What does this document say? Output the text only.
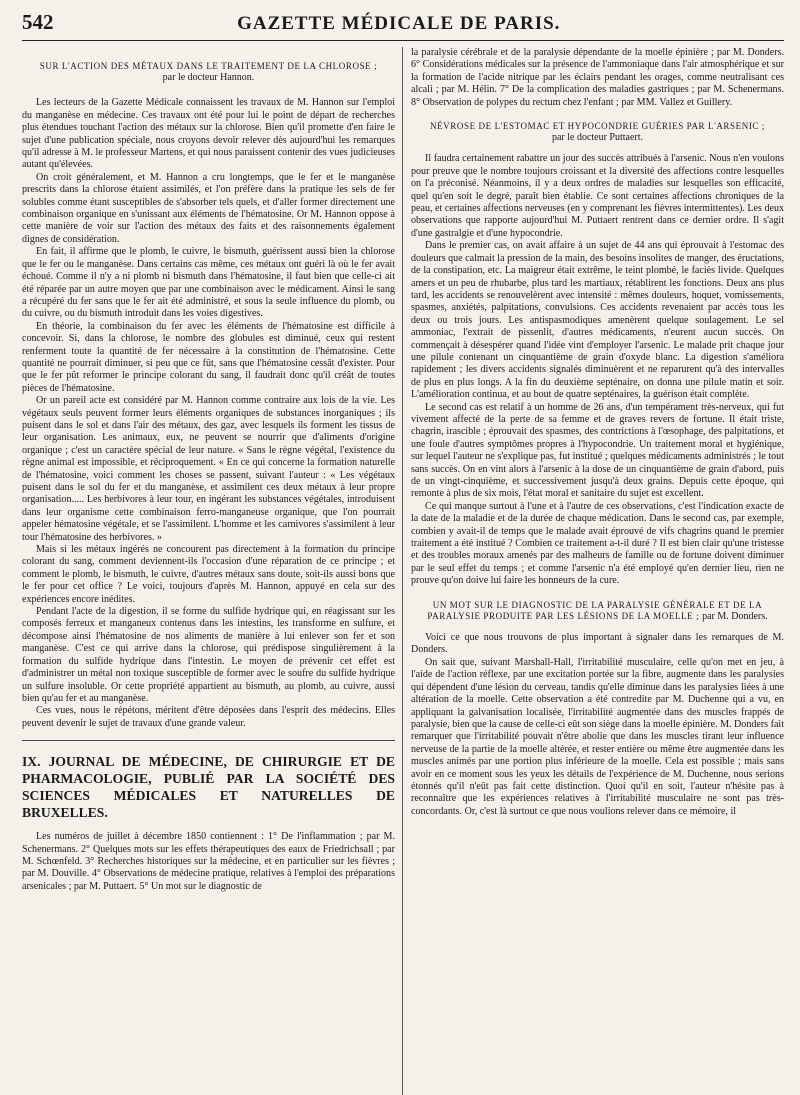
542	GAZETTE MÉDICALE DE PARIS.
SUR L'ACTION DES MÉTAUX DANS LE TRAITEMENT DE LA CHLOROSE ;
par le docteur Hannon.

Les lecteurs de la Gazette Médicale connaissent les travaux de M. Hannon sur l'emploi du manganèse en médecine. Ces travaux ont été pour lui le point de départ de recherches plus étendues touchant l'action des métaux sur la chlorose. Bien qu'il promette d'en faire le sujet d'une publication spéciale, nous croyons devoir relever dès aujourd'hui les remarques qu'il adresse à M. le professeur Martens, et qui nous paraissent contenir des vues judicieuses autant qu'élevées.

On croit généralement, et M. Hannon a cru longtemps, que le fer et le manganèse prescrits dans la chlorose étaient assimilés, et l'on préfère dans la pratique les sels de fer solubles comme étant susceptibles de s'absorber tels quels, et d'aller former directement une combinaison organique en s'unissant aux éléments de l'hématosine. Or M. Hannon oppose à cette manière de voir sur l'action des métaux des faits et des raisonnements également dignes de considération.

En fait, il affirme que le plomb, le cuivre, le bismuth, guérissent aussi bien la chlorose que le fer ou le manganèse. Dans certains cas même, ces métaux ont guéri là où le fer avait échoué. Comme il n'y a ni plomb ni bismuth dans l'hématosine, il faut bien que celle-ci ait été réparée par un autre moyen que par une combinaison avec le médicament. Ainsi le sang a récupéré du fer sans que le fer ait été administré, et sous la seule influence du plomb, ou du cuivre, ou du bismuth introduit dans les voies digestives.

En théorie, la combinaison du fer avec les éléments de l'hématosine est difficile à concevoir. Si, dans la chlorose, le nombre des globules est diminué, ceux qui restent renferment toute la quantité de fer nécessaire à la constitution de l'hématosine. Cette quantité ne pourrait diminuer, si peu que ce fût, sans que l'hématosine cessât d'exister. Pour que le fer pût reformer le principe colorant du sang, il faudrait donc qu'il créât de toutes pièces de l'hématosine.

Or un pareil acte est considéré par M. Hannon comme contraire aux lois de la vie. Les végétaux seuls peuvent former leurs éléments organiques de substances inorganiques ; ils puisent dans le sol et dans l'air des métaux, des gaz, avec lesquels ils forment les tissus de leur organisation. Les animaux, eux, ne peuvent se nourrir que d'aliments d'origine organique ; c'est un caractère spécial de leur nature. « Sans le règne végétal, l'existence du règne animal est impossible, et réciproquement. « En ce qui concerne la formation naturelle de l'hématosine, voici comment les choses se passent, suivant l'auteur : « Les végétaux puisent dans le sol du fer et du manganèse, et assimilent ces deux métaux à leur propre organisation..... Les herbivores à leur tour, en ingérant les substances végétales, introduisent dans leur organisme cette combinaison ferro-manganeuse organique, que l'on pourrait appeler hématosine végétale, et se l'assimilent. L'homme et les carnivores s'assimilent à leur tour l'hématosine des herbivores. »

Mais si les métaux ingérés ne concourent pas directement à la formation du principe colorant du sang, comment deviennent-ils l'occasion d'une réparation de ce principe ; et comment le plomb, le bismuth, le cuivre, d'autres métaux sans doute, soit-ils aussi bons que le fer pour cet office ? Le voici, toujours d'après M. Hannon, appuyé en cela sur des expériences encore inédites.

Pendant l'acte de la digestion, il se forme du sulfide hydrique qui, en réagissant sur les composés ferreux et manganeux contenus dans les intestins, les transforme en sulfure, et décompose ainsi l'hématosine de nos aliments de manière à lui enlever son fer et son manganèse. C'est ce qui arrive dans la chlorose, qui prédispose singulièrement à la formation du sulfide hydrique dans l'intestin. Le moyen de prévenir cet effet est d'administrer un métal non toxique susceptible de former avec le soufre du sulfide hydrique un sulfure insoluble. Or cette propriété appartient au bismuth, au plomb, au cuivre, aussi bien qu'au fer et au manganèse.

Ces vues, nous le répétons, méritent d'être déposées dans l'esprit des médecins. Elles peuvent devenir le sujet de travaux d'une grande valeur.

IX. JOURNAL DE MÉDECINE, DE CHIRURGIE ET DE PHARMACOLOGIE, PUBLIÉ PAR LA SOCIÉTÉ DES SCIENCES MÉDICALES ET NATURELLES DE BRUXELLES.

Les numéros de juillet à décembre 1850 contiennent : 1° De l'inflammation ; par M. Schenermans. 2° Quelques mots sur les effets thérapeutiques des eaux de Friedrichsall ; par M. Schœnfeld. 3° Recherches historiques sur la médecine, et en particulier sur les fièvres ; par M. Douville. 4° Observations de médecine pratique, relatives à l'emploi des préparations arsenicales ; par M. Puttaert. 5° Un mot sur le diagnostic de

la paralysie cérébrale et de la paralysie dépendante de la moelle épinière ; par M. Donders. 6° Considérations médicales sur la présence de l'ammoniaque dans l'air atmosphérique et sur la formation de l'acide nitrique par les éclairs pendant les orages, comme neutralisant ces alcali ; par M. Hélin. 7° De la complication des maladies gastriques ; par M. Schenermans. 8° Observation de polypes du rectum chez l'enfant ; par MM. Vallez et Guillery.

NÉVROSE DE L'ESTOMAC ET HYPOCONDRIE GUÉRIES PAR L'ARSENIC ;
par le docteur Puttaert.

Il faudra certainement rabattre un jour des succès attribués à l'arsenic. Nous n'en voulons pour preuve que le nombre toujours croissant et la diversité des affections contre lesquelles on l'a préconisé. Néanmoins, il y a deux ordres de maladies sur lesquelles son efficacité, quel qu'en soit le degré, paraît bien établie. Ce sont certaines affections chroniques de la peau, et certaines affections nerveuses (en y comprenant les fièvres intermittentes). Les deux observations que rapporte aujourd'hui M. Puttaert rentrent dans ce dernier ordre. Il s'agit d'une gastralgie et d'une hypocondrie.

Dans le premier cas, on avait affaire à un sujet de 44 ans qui éprouvait à l'estomac des douleurs que calmait la pression de la main, des besoins insolites de manger, des éructations, de la constipation, etc. La maigreur était extrême, le teint plombé, le faciès livide. Quelques amers et un peu de rhubarbe, plus tard les martiaux, rétablirent les fonctions. Deux ans plus tard, les accidents se renouvelèrent avec intensité : mêmes douleurs, hoquet, vomissements, spasmes, anxiétés, palpitations, convulsions. Ces accidents revenaient par accès tous les deux ou trois jours. Les antispasmodiques amenèrent quelque soulagement. Le sel ammoniac, l'extrait de pissenlit, d'autres médicaments, n'eurent aucun succès. On commençait à désespérer quand l'idée vint d'employer l'arsenic. Le malade prit chaque jour une pilule contenant un cinquantième de grain d'oxyde blanc. La digestion s'améliora rapidement ; les divers accidents signalés diminuèrent et ne reparurent qu'à des intervalles de plus en plus longs. A la fin du deuxième septénaire, on donna une pilule matin et soir. L'amélioration continua, et au bout de quatre septénaires, la guérison était complète.

Le second cas est relatif à un homme de 26 ans, d'un tempérament très-nerveux, qui fut vivement affecté de la perte de sa femme et de graves revers de fortune. Il était triste, chagrin, irascible ; éprouvait des spasmes, des contrictions à l'œsophage, des palpitations, et une foule d'autres symptômes propres à l'hypocondrie. Un traitement moral et hygiénique, sur lequel l'auteur ne s'explique pas, fut institué ; quelques médicaments administrés ; le tout sans succès. On en vint alors à l'arsenic à la dose de un cinquantième de grain d'abord, puis de un vingt-cinquième, et successivement jusqu'à deux grains. Depuis cette époque, qui remonte à plus de six mois, l'état moral et sanitaire du sujet est excellent.

Ce qui manque surtout à l'une et à l'autre de ces observations, c'est l'indication exacte de la date de la maladie et de la durée de chaque médication. Dans le second cas, par exemple, combien y avait-il de temps que le malade avait éprouvé de vifs chagrins quand le premier traitement a été institué ? Combien ce traitement a-t-il duré ? Il est bien clair qu'une tristesse et des troubles moraux amenés par des malheurs de famille ou de fortune doivent diminuer par le seul effet du temps ; et comme l'arsenic n'a été employé qu'en dernier lieu, rien ne prouve qu'on doive lui faire les honneurs de la cure.

UN MOT SUR LE DIAGNOSTIC DE LA PARALYSIE GÉNÉRALE ET DE LA PARALYSIE PRODUITE PAR LES LÉSIONS DE LA MOELLE ; par M. Donders.

Voici ce que nous trouvons de plus important à signaler dans les remarques de M. Donders.

On sait que, suivant Marshall-Hall, l'irritabilité musculaire, celle qu'on met en jeu, à l'aide de l'action réflexe, par une excitation portée sur la fibre, augmente dans les paralysies qui dépendent d'une lésion du cerveau, tandis qu'elle diminue dans les paralysies liées à une altération de la moelle. Cette observation a été contredite par M. Duchenne qui a vu, en appliquant la galvanisation localisée, l'irritabilité augmentée dans des muscles frappés de paralysie, bien que la cause de celle-ci eût son siège dans la moelle épinière. M. Donders fait remarquer que l'irritabilité pouvait n'être abolie que dans les muscles tirant leur influence nerveuse de la partie de la moelle altérée, et rester entière ou même être augmentée dans les muscles animés par une portion plus inférieure de la moelle. Cela est possible ; mais sans avoir en ce moment sous les yeux les détails de l'expérience de M. Duchenne, nous serions étonnés qu'il n'eût pas fait cette distinction. Quoi qu'il en soit, l'auteur n'hésite pas à reconnaître que les expériences relatives à l'irritabilité musculaire ne sont pas très-concordants. Or, c'est là surtout ce que nous voulions relever dans ce mémoire, il
